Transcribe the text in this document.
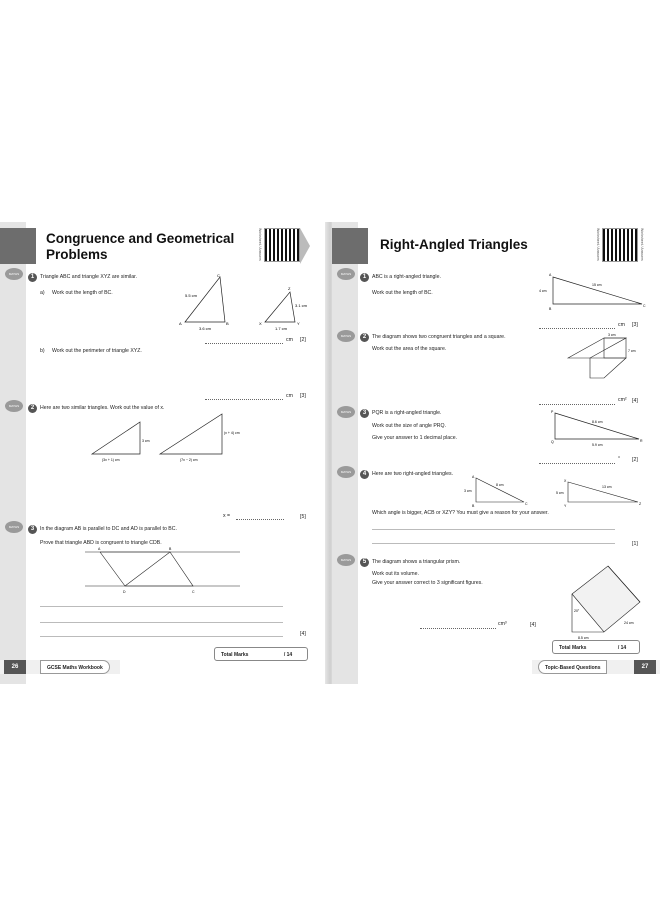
Congruence and Geometrical
Problems	Worksheet / Answers
MATHS	1	Triangle ABC and triangle XYZ are similar.
a) Work out the length of BC.
C
A	B
5.5 cm
3.6 cm
Z
X	Y
3.1 cm
1.7 cm
cm [2]
b) Work out the perimeter of triangle XYZ.
cm [3]
MATHS	2	Here are two similar triangles. Work out the value of x.
3 cm
(3x + 1) cm
(x + 4) cm
(7x − 2) cm
x =	[5]
MATHS	3	In the diagram AB is parallel to DC and AD is parallel to BC.
Prove that triangle ABD is congruent to triangle CDB.
A	B
C
D
[4]
Total Marks	/ 14
26	GCSE Maths Workbook
Right-Angled Triangles	Worksheet / Answers	Worksheet / Answers
MATHS	1	ABC is a right-angled triangle.
Work out the length of BC.
A
B
C
4 cm
15 cm
cm [3]
MATHS	2	The diagram shows two congruent triangles and a square.
Work out the area of the square.
3 cm
7 cm
cm² [4]
MATHS	3	PQR is a right-angled triangle.
Work out the size of angle PRQ.
Give your answer to 1 decimal place.
P
Q	R
8.6 cm
5.9 cm
° [2]
MATHS	4	Here are two right-angled triangles.	A
B	C
3 cm
8 cm
X
Y	Z
5 cm
13 cm
Which angle is bigger, ACB or XZY? You must give a reason for your answer.
[1]
MATHS	5	The diagram shows a triangular prism.
Work out its volume.
Give your answer correct to 3 significant figures.
20°
24 cm
8.5 cm
cm³	[4]
Total Marks	/ 14
Topic-Based Questions	27
